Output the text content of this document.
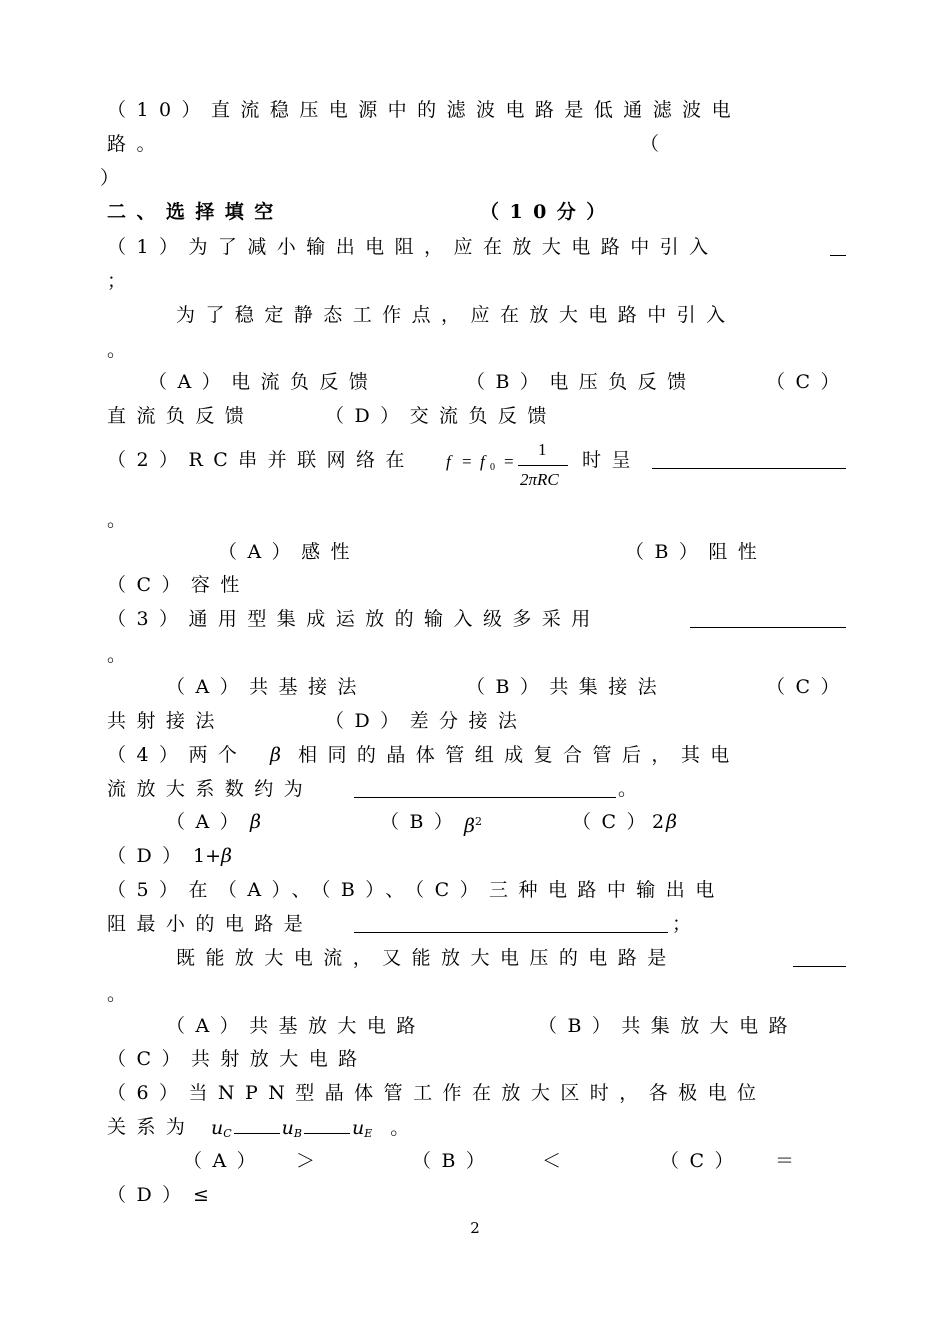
（10）直流稳压电源中的滤波电路是低通滤波电
路。	（
）
二、选择填空	（10分）
（1）为了减小输出电阻，应在放大电路中引入
；
为了稳定静态工作点，应在放大电路中引入
。
（A）电流负反馈	（B）电压负反馈	（C）
直流负反馈	（D）交流负反馈
（2）RC串并联网络在 f = f 0 =
1
2πRC
时呈
。
（A）感性	（B）阻性
（C）容性
（3）通用型集成运放的输入级多采用
。
（A）共基接法	（B）共集接法	（C）
共射接法	（D）差分接法
（4）两个 β 相同的晶体管组成复合管后，其电
流放大系数约为	。
（A） β	（B） β2	（C）
2β
（D） 1+β
（5）在（A）、（B）、（C）三种电路中输出电
阻最小的电路是	；
既能放大电流，又能放大电压的电路是
。
（A）共基放大电路	（B）共集放大电路
（C）共射放大电路
（6）当NPN型晶体管工作在放大区时，各极电位
关系为 uC	uB	uE 。
（A） ＞	（B） ＜	（C） ＝
（D） ≤
2
